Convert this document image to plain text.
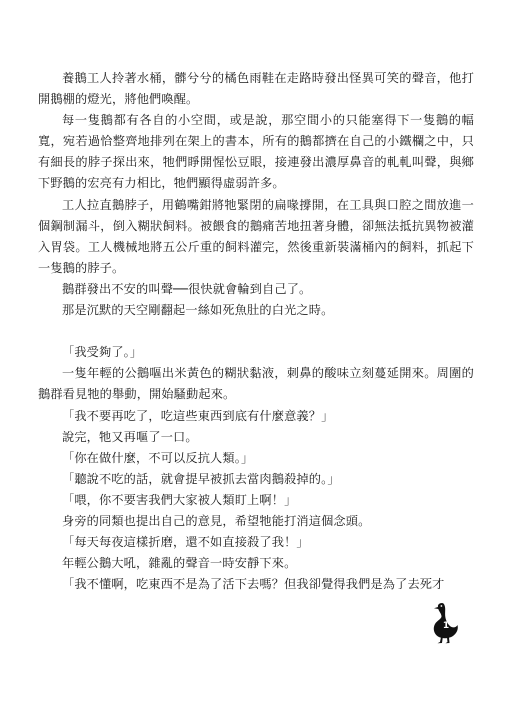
養鵝工人拎著水桶，髒兮兮的橘色雨鞋在走路時發出怪異可笑的聲音，他打開鵝棚的燈光，將他們喚醒。

每一隻鵝都有各自的小空間，或是說，那空間小的只能塞得下一隻鵝的幅寬，宛若過恰整齊地排列在架上的書本，所有的鵝都擠在自己的小鐵欄之中，只有細長的脖子探出來，牠們睜開惺忪豆眼，接連發出濃厚鼻音的軋軋叫聲，與鄉下野鵝的宏亮有力相比，牠們顯得虛弱許多。

工人拉直鵝脖子，用鶴嘴鉗將牠緊閉的扁喙撐開，在工具與口腔之間放進一個鋼制漏斗，倒入糊狀飼料。被餵食的鵝痛苦地扭著身體，卻無法抵抗異物被灌入胃袋。工人機械地將五公斤重的飼料灌完，然後重新裝滿桶內的飼料，抓起下一隻鵝的脖子。

鵝群發出不安的叫聲──很快就會輪到自己了。

那是沉默的天空剛翻起一絲如死魚肚的白光之時。

「我受夠了。」

一隻年輕的公鵝嘔出米黃色的糊狀黏液，刺鼻的酸味立刻蔓延開來。周圍的鵝群看見牠的舉動，開始騷動起來。

「我不要再吃了，吃這些東西到底有什麼意義？」

說完，牠又再嘔了一口。

「你在做什麼，不可以反抗人類。」

「聽說不吃的話，就會提早被抓去當肉鵝殺掉的。」

「喂，你不要害我們大家被人類盯上啊！」

身旁的同類也提出自己的意見，希望牠能打消這個念頭。

「每天每夜這樣折磨，還不如直接殺了我！」

年輕公鵝大吼，雜亂的聲音一時安靜下來。

「我不懂啊，吃東西不是為了活下去嗎？但我卻覺得我們是為了去死才

1
